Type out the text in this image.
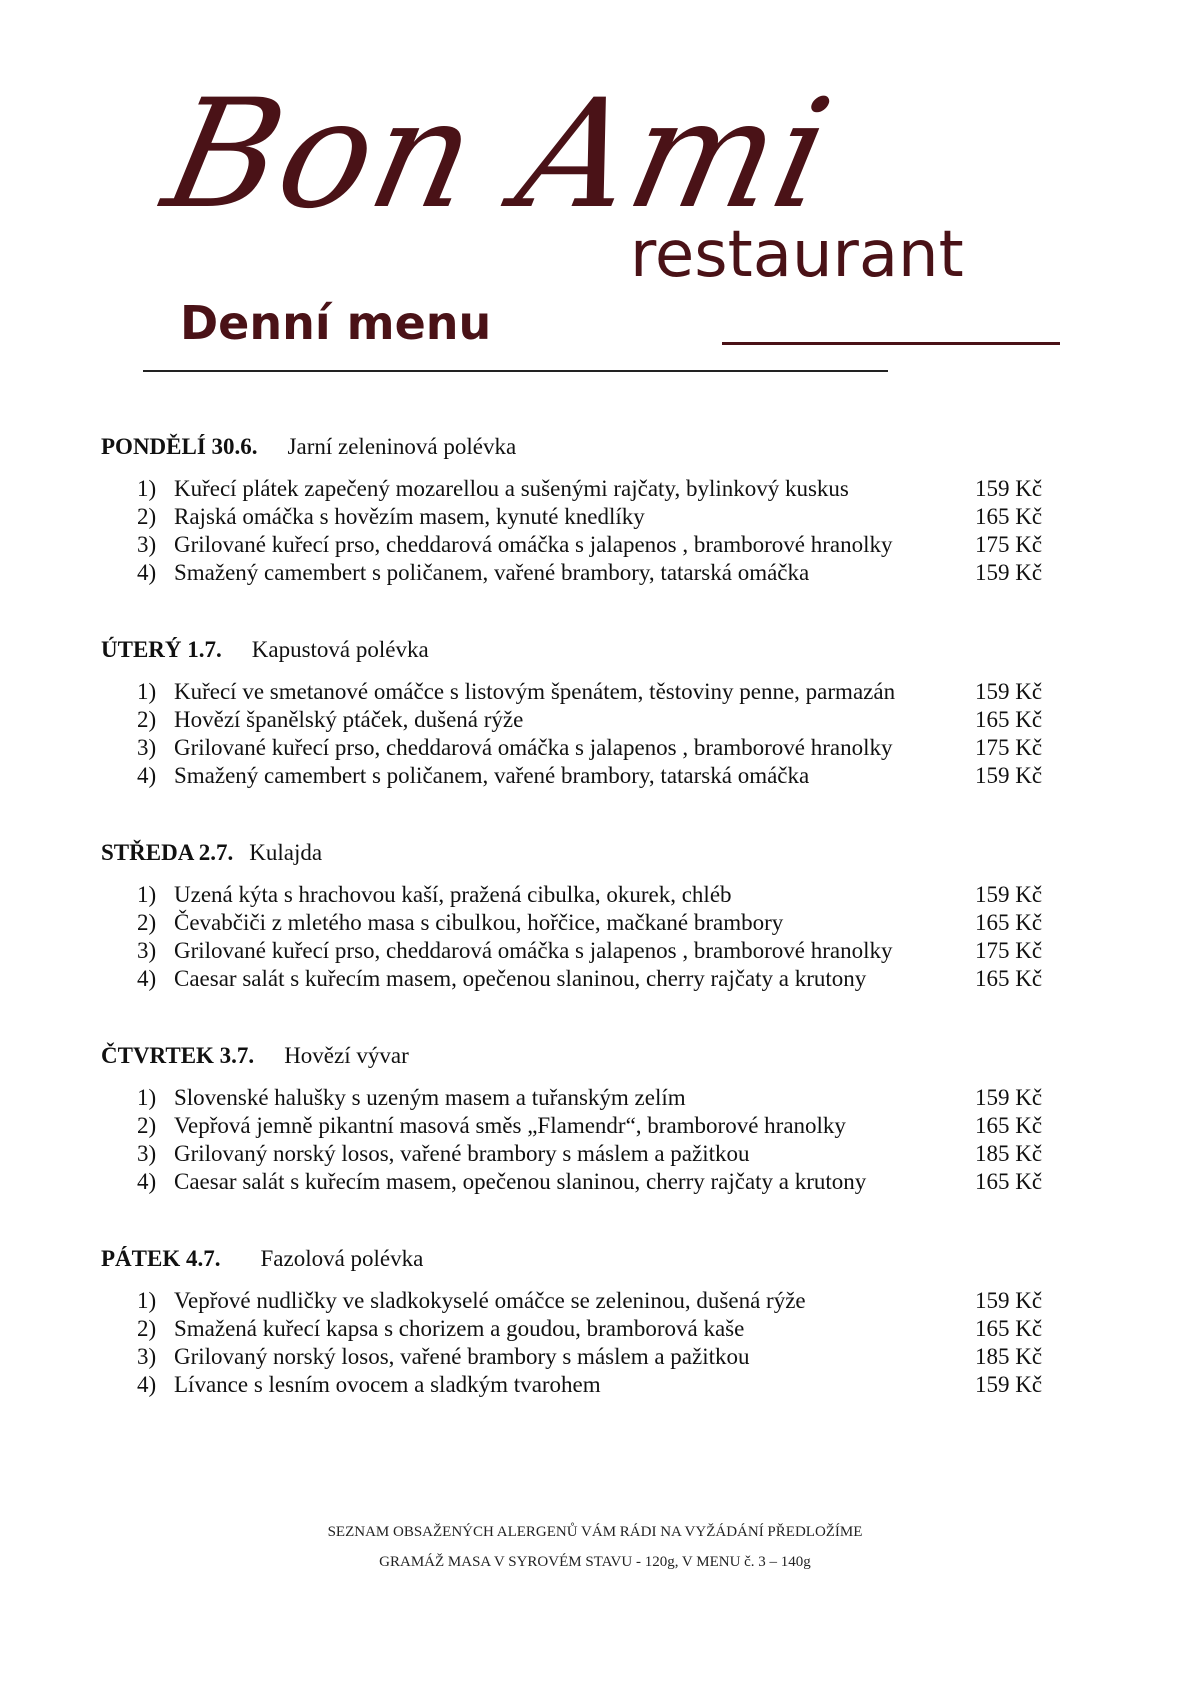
Bon Ami
restaurant
Denní menu
PONDĚLÍ 30.6. Jarní zeleninová polévka
1) Kuřecí plátek zapečený mozarellou a sušenými rajčaty, bylinkový kuskus	159 Kč
2) Rajská omáčka s hovězím masem, kynuté knedlíky	165 Kč
3) Grilované kuřecí prso, cheddarová omáčka s jalapenos , bramborové hranolky	175 Kč
4) Smažený camembert s poličanem, vařené brambory, tatarská omáčka	159 Kč
ÚTERÝ 1.7. Kapustová polévka
1) Kuřecí ve smetanové omáčce s listovým špenátem, těstoviny penne, parmazán	159 Kč
2) Hovězí španělský ptáček, dušená rýže	165 Kč
3) Grilované kuřecí prso, cheddarová omáčka s jalapenos , bramborové hranolky	175 Kč
4) Smažený camembert s poličanem, vařené brambory, tatarská omáčka	159 Kč
STŘEDA 2.7. Kulajda
1) Uzená kýta s hrachovou kaší, pražená cibulka, okurek, chléb	159 Kč
2) Čevabčiči z mletého masa s cibulkou, hořčice, mačkané brambory	165 Kč
3) Grilované kuřecí prso, cheddarová omáčka s jalapenos , bramborové hranolky	175 Kč
4) Caesar salát s kuřecím masem, opečenou slaninou, cherry rajčaty a krutony	165 Kč
ČTVRTEK 3.7. Hovězí vývar
1) Slovenské halušky s uzeným masem a tuřanským zelím	159 Kč
2) Vepřová jemně pikantní masová směs „Flamendr“, bramborové hranolky	165 Kč
3) Grilovaný norský losos, vařené brambory s máslem a pažitkou	185 Kč
4) Caesar salát s kuřecím masem, opečenou slaninou, cherry rajčaty a krutony	165 Kč
PÁTEK 4.7. Fazolová polévka
1) Vepřové nudličky ve sladkokyselé omáčce se zeleninou, dušená rýže	159 Kč
2) Smažená kuřecí kapsa s chorizem a goudou, bramborová kaše	165 Kč
3) Grilovaný norský losos, vařené brambory s máslem a pažitkou	185 Kč
4) Lívance s lesním ovocem a sladkým tvarohem	159 Kč
SEZNAM OBSAŽENÝCH ALERGENŮ VÁM RÁDI NA VYŽÁDÁNÍ PŘEDLOŽÍME
GRAMÁŽ MASA V SYROVÉM STAVU - 120g, V MENU č. 3 – 140g
